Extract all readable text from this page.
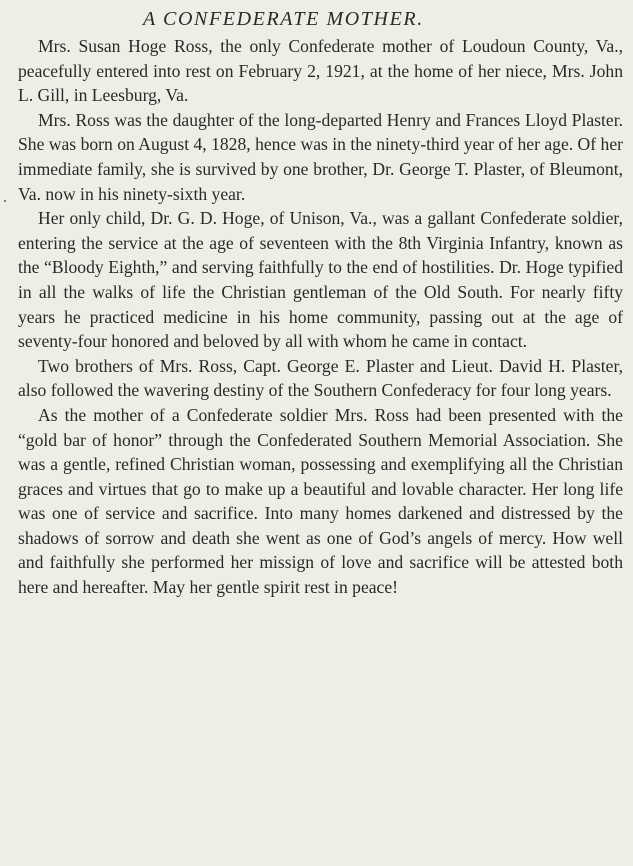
A CONFEDERATE MOTHER.

Mrs. Susan Hoge Ross, the only Confederate mother of Loudoun County, Va., peacefully entered into rest on February 2, 1921, at the home of her niece, Mrs. John L. Gill, in Leesburg, Va.

Mrs. Ross was the daughter of the long-departed Henry and Frances Lloyd Plaster. She was born on August 4, 1828, hence was in the ninety-third year of her age. Of her immediate family, she is survived by one brother, Dr. George T. Plaster, of Bleumont, Va. now in his ninety-sixth year.

Her only child, Dr. G. D. Hoge, of Unison, Va., was a gallant Confederate soldier, entering the service at the age of seventeen with the 8th Virginia Infantry, known as the “Bloody Eighth,” and serving faithfully to the end of hostilities. Dr. Hoge typified in all the walks of life the Christian gentleman of the Old South. For nearly fifty years he practiced medicine in his home community, passing out at the age of seventy-four honored and beloved by all with whom he came in contact.

Two brothers of Mrs. Ross, Capt. George E. Plaster and Lieut. David H. Plaster, also followed the wavering destiny of the Southern Confederacy for four long years.

As the mother of a Confederate soldier Mrs. Ross had been presented with the “gold bar of honor” through the Confederated Southern Memorial Association. She was a gentle, refined Christian woman, possessing and exemplifying all the Christian graces and virtues that go to make up a beautiful and lovable character. Her long life was one of service and sacrifice. Into many homes darkened and distressed by the shadows of sorrow and death she went as one of God’s angels of mercy. How well and faithfully she performed her missign of love and sacrifice will be attested both here and hereafter. May her gentle spirit rest in peace!
